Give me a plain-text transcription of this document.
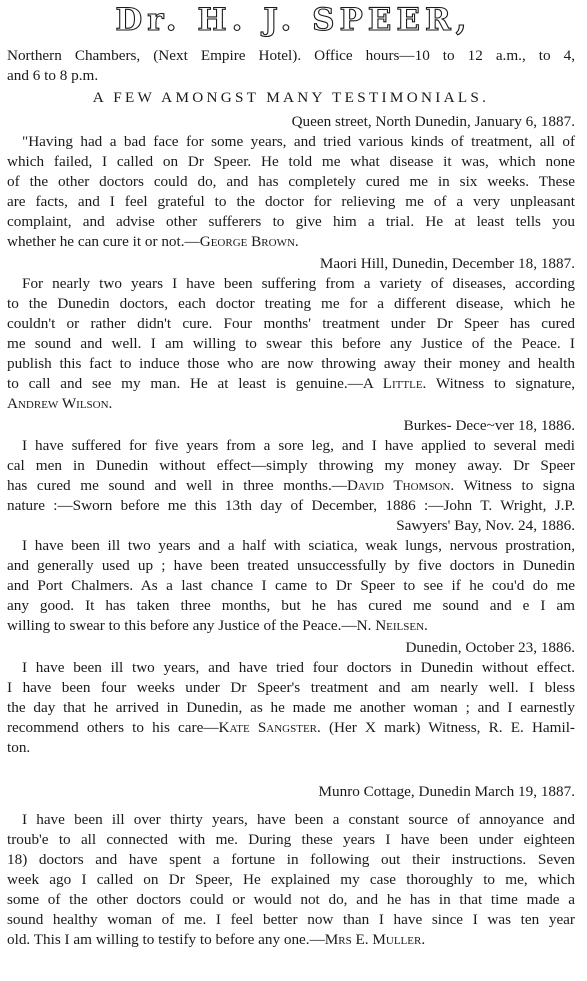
Dr. H. J. SPEER,
Northern Chambers, (Next Empire Hotel). Office hours—10 to 12 a.m., to 4,
and 6 to 8 p.m.
A FEW AMONGST MANY TESTIMONIALS.
Queen street, North Dunedin, January 6, 1887.
"Having had a bad face for some years, and tried various kinds of treatment, all of
which failed, I called on Dr Speer. He told me what disease it was, which none
of the other doctors could do, and has completely cured me in six weeks. These
are facts, and I feel grateful to the doctor for relieving me of a very unpleasant
complaint, and advise other sufferers to give him a trial. He at least tells you
whether he can cure it or not.—George Brown.
Maori Hill, Dunedin, December 18, 1887.
For nearly two years I have been suffering from a variety of diseases, according
to the Dunedin doctors, each doctor treating me for a different disease, which he
couldn't or rather didn't cure. Four months' treatment under Dr Speer has cured
me sound and well. I am willing to swear this before any Justice of the Peace. I
publish this fact to induce those who are now throwing away their money and health
to call and see my man. He at least is genuine.—A Little. Witness to signature,
Andrew Wilson.
Burkes- Dece~ver 18, 1886.
I have suffered for five years from a sore leg, and I have applied to several medi
cal men in Dunedin without effect—simply throwing my money away. Dr Speer
has cured me sound and well in three months.—David Thomson. Witness to signa
nature :—Sworn before me this 13th day of December, 1886 :—John T. Wright, J.P.
Sawyers' Bay, Nov. 24, 1886.
I have been ill two years and a half with sciatica, weak lungs, nervous prostration,
and generally used up ; have been treated unsuccessfully by five doctors in Dunedin
and Port Chalmers. As a last chance I came to Dr Speer to see if he cou'd do me
any good. It has taken three months, but he has cured me sound and e I am
willing to swear to this before any Justice of the Peace.—N. Neilsen.
Dunedin, October 23, 1886.
I have been ill two years, and have tried four doctors in Dunedin without effect.
I have been four weeks under Dr Speer's treatment and am nearly well. I bless
the day that he arrived in Dunedin, as he made me another woman ; and I earnestly
recommend others to his care—Kate Sangster. (Her X mark) Witness, R. E. Hamil-
ton.
Munro Cottage, Dunedin March 19, 1887.
I have been ill over thirty years, have been a constant source of annoyance and
troub'e to all connected with me. During these years I have been under eighteen
18) doctors and have spent a fortune in following out their instructions. Seven
week ago I called on Dr Speer, He explained my case thoroughly to me, which
some of the other doctors could or would not do, and he has in that time made a
sound healthy woman of me. I feel better now than I have since I was ten year
old. This I am willing to testify to before any one.—Mrs E. Muller.
